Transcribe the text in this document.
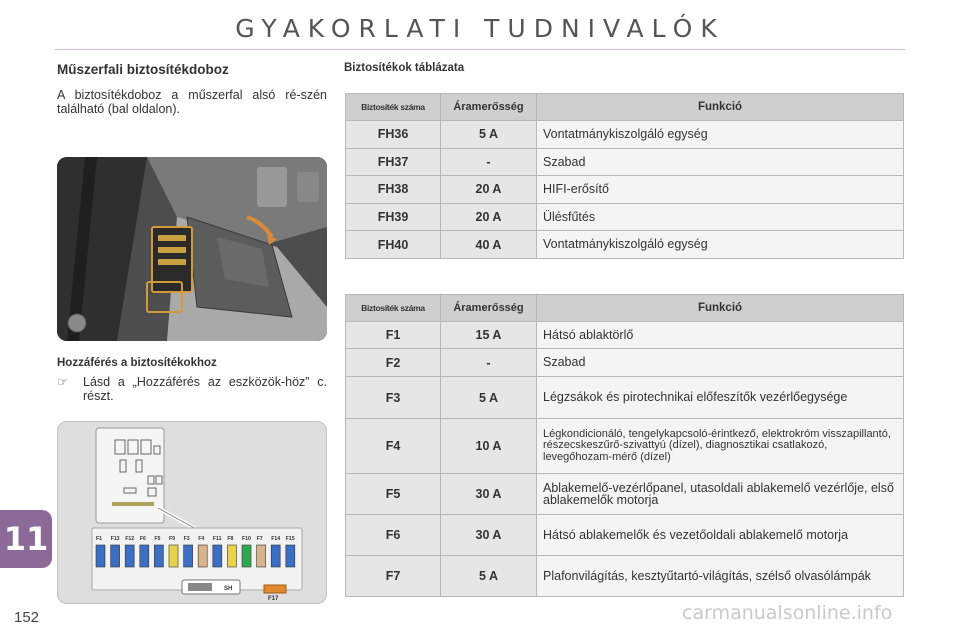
GYAKORLATI TUDNIVALÓK
Műszerfali biztosítékdoboz
A biztosítékdoboz a műszerfal alsó ré-szén található (bal oldalon).
Hozzáférés a biztosítékokhoz
☞	Lásd a „Hozzáférés az eszközök-höz” c. részt.
F1 F13 F12 F6 F5 F9 F3 F4 F11 F8 F10 F7 F14 F15
SH
F17
Biztosítékok táblázata
Biztosíték száma	Áramerősség	Funkció
FH36	5 A	Vontatmánykiszolgáló egység
FH37	-	Szabad
FH38	20 A	HIFI-erősítő
FH39	20 A	Ülésfűtés
FH40	40 A	Vontatmánykiszolgáló egység
Biztosíték száma	Áramerősség	Funkció
F1	15 A	Hátsó ablaktörlő
F2	-	Szabad
F3	5 A	Légzsákok és pirotechnikai előfeszítők vezérlőegysége
F4	10 A	Légkondicionáló, tengelykapcsoló-érintkező, elektrokróm visszapillantó, részecskeszűrő-szivattyú (dízel), diagnosztikai csatlakozó, levegőhozam-mérő (dízel)
F5	30 A	Ablakemelő-vezérlőpanel, utasoldali ablakemelő vezérlője, első ablakemelők motorja
F6	30 A	Hátsó ablakemelők és vezetőoldali ablakemelő motorja
F7	5 A	Plafonvilágítás, kesztyűtartó-világítás, szélső olvasólámpák
11
152	carmanualsonline.info
